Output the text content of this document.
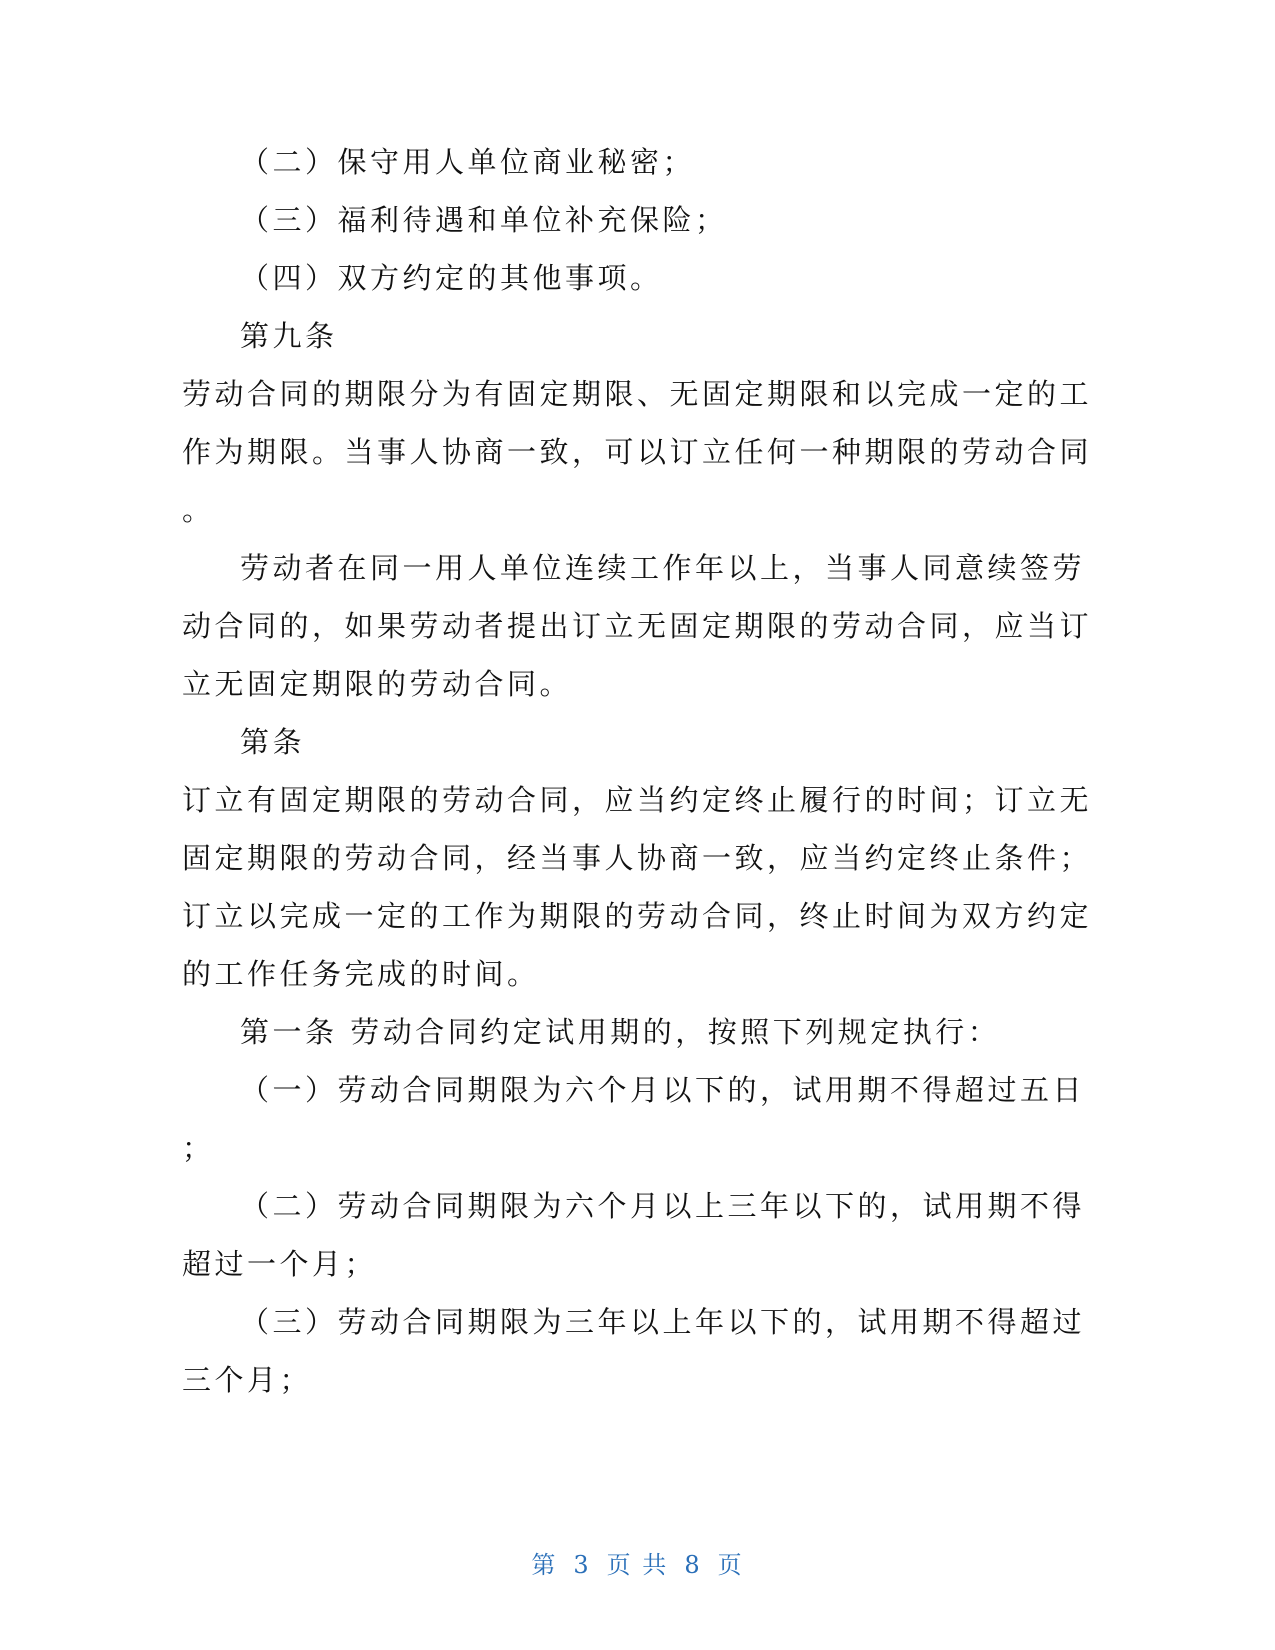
（二）保守用人单位商业秘密；
（三）福利待遇和单位补充保险；
（四）双方约定的其他事项。
第九条
劳动合同的期限分为有固定期限、无固定期限和以完成一定的工
作为期限。当事人协商一致，可以订立任何一种期限的劳动合同
。
劳动者在同一用人单位连续工作年以上，当事人同意续签劳
动合同的，如果劳动者提出订立无固定期限的劳动合同，应当订
立无固定期限的劳动合同。
第条
订立有固定期限的劳动合同，应当约定终止履行的时间；订立无
固定期限的劳动合同，经当事人协商一致，应当约定终止条件；
订立以完成一定的工作为期限的劳动合同，终止时间为双方约定
的工作任务完成的时间。
第一条 劳动合同约定试用期的，按照下列规定执行：
（一）劳动合同期限为六个月以下的，试用期不得超过五日
；
（二）劳动合同期限为六个月以上三年以下的，试用期不得
超过一个月；
（三）劳动合同期限为三年以上年以下的，试用期不得超过
三个月；
第 3 页 共 8 页
